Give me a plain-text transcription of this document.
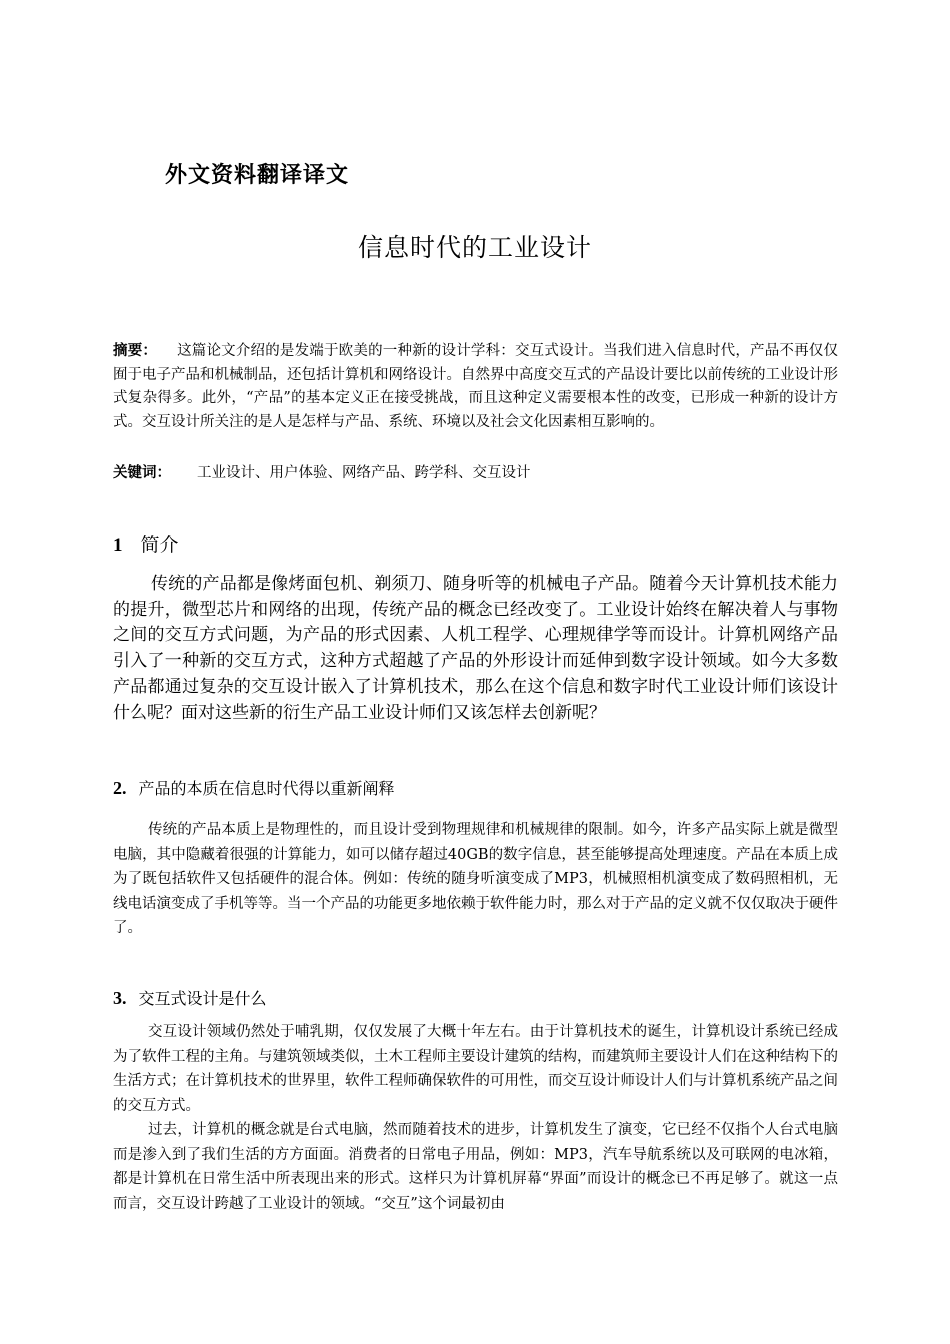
外文资料翻译译文
信息时代的工业设计
摘要： 这篇论文介绍的是发端于欧美的一种新的设计学科：交互式设计。当我们进入信息时代，产品不再仅仅囿于电子产品和机械制品，还包括计算机和网络设计。自然界中高度交互式的产品设计要比以前传统的工业设计形式复杂得多。此外，“产品”的基本定义正在接受挑战，而且这种定义需要根本性的改变，已形成一种新的设计方式。交互设计所关注的是人是怎样与产品、系统、环境以及社会文化因素相互影响的。
关键词： 工业设计、用户体验、网络产品、跨学科、交互设计
1 简介
传统的产品都是像烤面包机、剃须刀、随身听等的机械电子产品。随着今天计算机技术能力的提升，微型芯片和网络的出现，传统产品的概念已经改变了。工业设计始终在解决着人与事物之间的交互方式问题，为产品的形式因素、人机工程学、心理规律学等而设计。计算机网络产品引入了一种新的交互方式，这种方式超越了产品的外形设计而延伸到数字设计领域。如今大多数产品都通过复杂的交互设计嵌入了计算机技术，那么在这个信息和数字时代工业设计师们该设计什么呢？面对这些新的衍生产品工业设计师们又该怎样去创新呢？
2. 产品的本质在信息时代得以重新阐释
传统的产品本质上是物理性的，而且设计受到物理规律和机械规律的限制。如今，许多产品实际上就是微型电脑，其中隐藏着很强的计算能力，如可以储存超过40GB的数字信息，甚至能够提高处理速度。产品在本质上成为了既包括软件又包括硬件的混合体。例如：传统的随身听演变成了MP3，机械照相机演变成了数码照相机，无线电话演变成了手机等等。当一个产品的功能更多地依赖于软件能力时，那么对于产品的定义就不仅仅取决于硬件了。
3. 交互式设计是什么
交互设计领域仍然处于哺乳期，仅仅发展了大概十年左右。由于计算机技术的诞生，计算机设计系统已经成为了软件工程的主角。与建筑领域类似，土木工程师主要设计建筑的结构，而建筑师主要设计人们在这种结构下的生活方式；在计算机技术的世界里，软件工程师确保软件的可用性，而交互设计师设计人们与计算机系统产品之间的交互方式。
过去，计算机的概念就是台式电脑，然而随着技术的进步，计算机发生了演变，它已经不仅指个人台式电脑而是渗入到了我们生活的方方面面。消费者的日常电子用品，例如：MP3，汽车导航系统以及可联网的电冰箱，都是计算机在日常生活中所表现出来的形式。这样只为计算机屏幕“界面”而设计的概念已不再足够了。就这一点而言，交互设计跨越了工业设计的领域。“交互”这个词最初由
